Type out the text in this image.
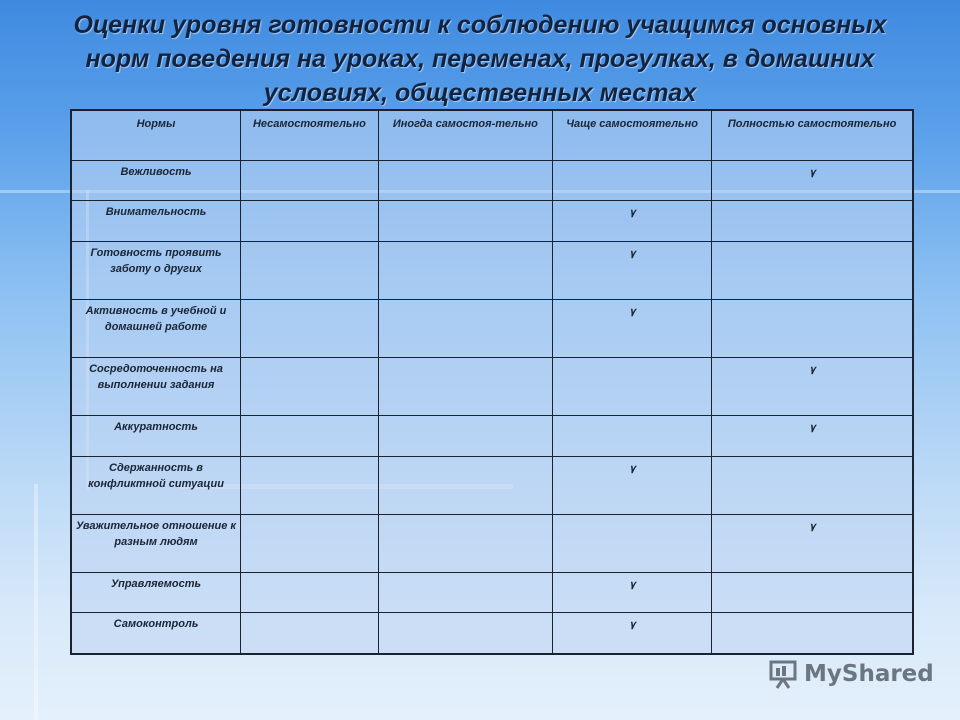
Оценки уровня готовности к соблюдению учащимся основных норм поведения на уроках, переменах, прогулках, в домашних условиях, общественных местах
Нормы	Несамостоятельно	Иногда самостоя-тельно	Чаще самостоятельно	Полностью самостоятельно
Вежливость				٧
Внимательность			٧	
Готовность проявить заботу о других			٧	
Активность в учебной и домашней работе			٧	
Сосредоточенность на выполнении задания				٧
Аккуратность				٧
Сдержанность в конфликтной ситуации			٧	
Уважительное отношение к разным людям				٧
Управляемость			٧	
Самоконтроль			٧	
MyShared
